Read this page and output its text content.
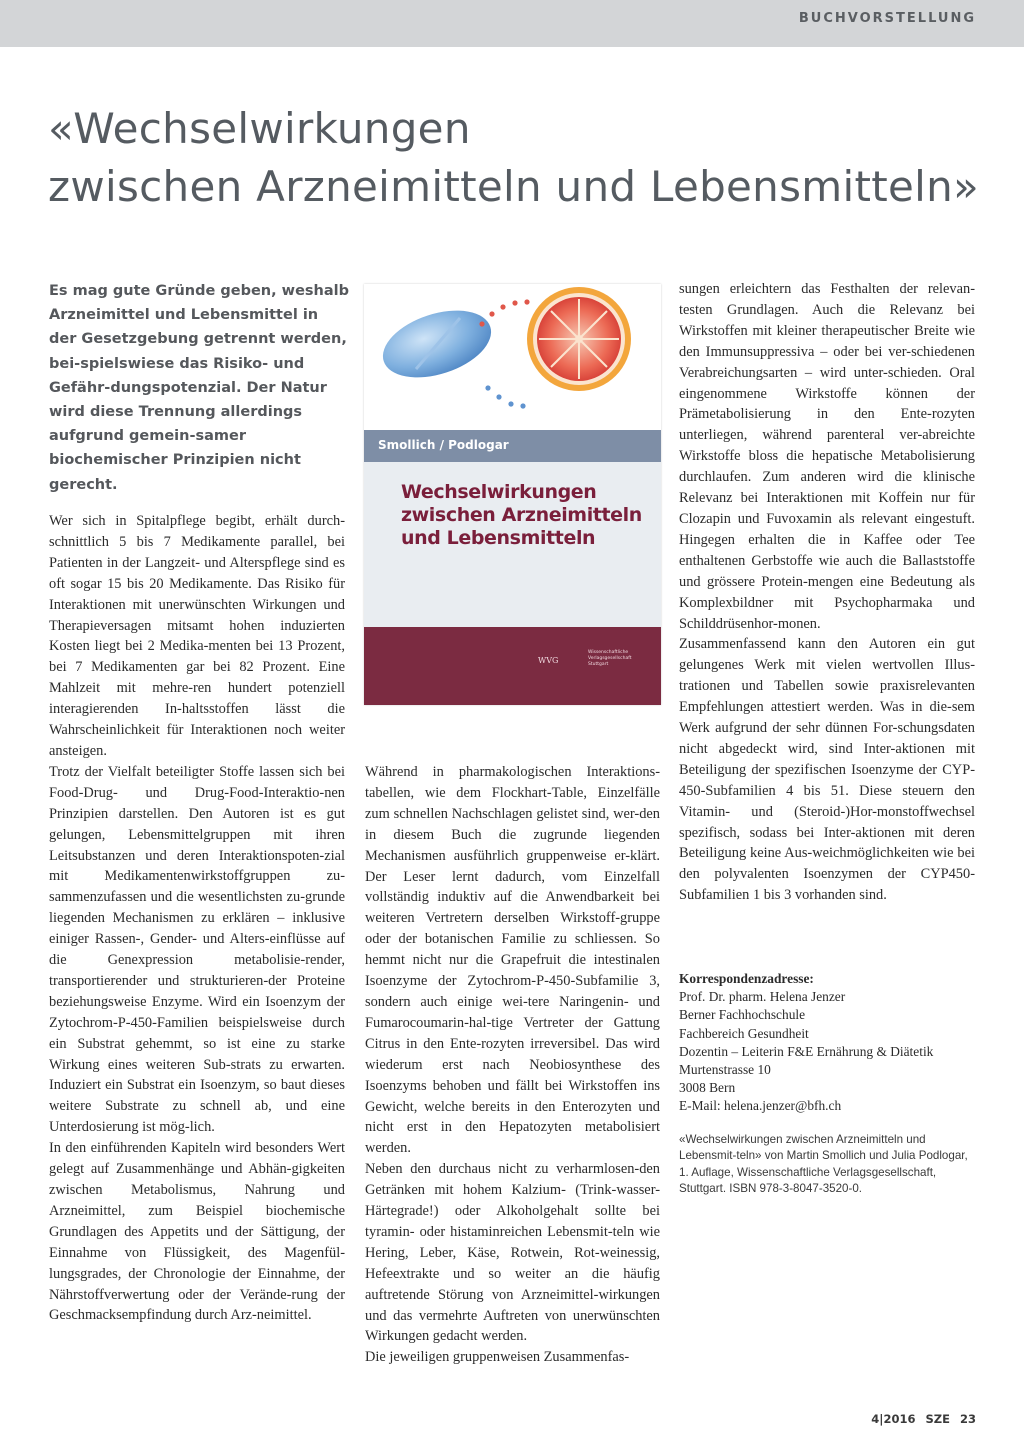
BUCHVORSTELLUNG
«Wechselwirkungen
zwischen Arzneimitteln und Lebensmitteln»

Es mag gute Gründe geben, weshalb Arzneimittel und Lebensmittel in der Gesetzgebung getrennt werden, bei-spielswiese das Risiko- und Gefähr-dungspotenzial. Der Natur wird diese Trennung allerdings aufgrund gemein-samer biochemischer Prinzipien nicht gerecht.

Wer sich in Spitalpflege begibt, erhält durch-schnittlich 5 bis 7 Medikamente parallel, bei Patienten in der Langzeit- und Alterspflege sind es oft sogar 15 bis 20 Medikamente. Das Risiko für Interaktionen mit unerwünschten Wirkungen und Therapieversagen mitsamt hohen induzierten Kosten liegt bei 2 Medika-menten bei 13 Prozent, bei 7 Medikamenten gar bei 82 Prozent. Eine Mahlzeit mit mehre-ren hundert potenziell interagierenden In-haltsstoffen lässt die Wahrscheinlichkeit für Interaktionen noch weiter ansteigen.

Trotz der Vielfalt beteiligter Stoffe lassen sich bei Food-Drug- und Drug-Food-Interaktio-nen Prinzipien darstellen. Den Autoren ist es gut gelungen, Lebensmittelgruppen mit ihren Leitsubstanzen und deren Interaktionspoten-zial mit Medikamentenwirkstoffgruppen zu-sammenzufassen und die wesentlichsten zu-grunde liegenden Mechanismen zu erklären – inklusive einiger Rassen-, Gender- und Alters-einflüsse auf die Genexpression metabolisie-render, transportierender und strukturieren-der Proteine beziehungsweise Enzyme. Wird ein Isoenzym der Zytochrom-P-450-Familien beispielsweise durch ein Substrat gehemmt, so ist eine zu starke Wirkung eines weiteren Sub-strats zu erwarten. Induziert ein Substrat ein Isoenzym, so baut dieses weitere Substrate zu schnell ab, und eine Unterdosierung ist mög-lich.

In den einführenden Kapiteln wird besonders Wert gelegt auf Zusammenhänge und Abhän-gigkeiten zwischen Metabolismus, Nahrung und Arzneimittel, zum Beispiel biochemische Grundlagen des Appetits und der Sättigung, der Einnahme von Flüssigkeit, des Magenfül-lungsgrades, der Chronologie der Einnahme, der Nährstoffverwertung oder der Verände-rung der Geschmacksempfindung durch Arz-neimittel.

Smollich / Podlogar
Wechselwirkungen
zwischen Arzneimitteln
und Lebensmitteln
WVG
Wissenschaftliche
Verlagsgesellschaft
Stuttgart

Während in pharmakologischen Interaktions-tabellen, wie dem Flockhart-Table, Einzelfälle zum schnellen Nachschlagen gelistet sind, wer-den in diesem Buch die zugrunde liegenden Mechanismen ausführlich gruppenweise er-klärt. Der Leser lernt dadurch, vom Einzelfall vollständig induktiv auf die Anwendbarkeit bei weiteren Vertretern derselben Wirkstoff-gruppe oder der botanischen Familie zu schliessen. So hemmt nicht nur die Grapefruit die intestinalen Isoenzyme der Zytochrom-P-450-Subfamilie 3, sondern auch einige wei-tere Naringenin- und Fumarocoumarin-hal-tige Vertreter der Gattung Citrus in den Ente-rozyten irreversibel. Das wird wiederum erst nach Neobiosynthese des Isoenzyms behoben und fällt bei Wirkstoffen ins Gewicht, welche bereits in den Enterozyten und nicht erst in den Hepatozyten metabolisiert werden.

Neben den durchaus nicht zu verharmlosen-den Getränken mit hohem Kalzium- (Trink-wasser-Härtegrade!) oder Alkoholgehalt sollte bei tyramin- oder histaminreichen Lebensmit-teln wie Hering, Leber, Käse, Rotwein, Rot-weinessig, Hefeextrakte und so weiter an die häufig auftretende Störung von Arzneimittel-wirkungen und das vermehrte Auftreten von unerwünschten Wirkungen gedacht werden.

Die jeweiligen gruppenweisen Zusammenfas-

sungen erleichtern das Festhalten der relevan-testen Grundlagen. Auch die Relevanz bei Wirkstoffen mit kleiner therapeutischer Breite wie den Immunsuppressiva – oder bei ver-schiedenen Verabreichungsarten – wird unter-schieden. Oral eingenommene Wirkstoffe können der Prämetabolisierung in den Ente-rozyten unterliegen, während parenteral ver-abreichte Wirkstoffe bloss die hepatische Metabolisierung durchlaufen. Zum anderen wird die klinische Relevanz bei Interaktionen mit Koffein nur für Clozapin und Fuvoxamin als relevant eingestuft. Hingegen erhalten die in Kaffee oder Tee enthaltenen Gerbstoffe wie auch die Ballaststoffe und grössere Protein-mengen eine Bedeutung als Komplexbildner mit Psychopharmaka und Schilddrüsenhor-monen.

Zusammenfassend kann den Autoren ein gut gelungenes Werk mit vielen wertvollen Illus-trationen und Tabellen sowie praxisrelevanten Empfehlungen attestiert werden. Was in die-sem Werk aufgrund der sehr dünnen For-schungsdaten nicht abgedeckt wird, sind Inter-aktionen mit Beteiligung der spezifischen Isoenzyme der CYP-450-Subfamilien 4 bis 51. Diese steuern den Vitamin- und (Steroid-)Hor-monstoffwechsel spezifisch, sodass bei Inter-aktionen mit deren Beteiligung keine Aus-weichmöglichkeiten wie bei den polyvalenten Isoenzymen der CYP450-Subfamilien 1 bis 3 vorhanden sind.

Korrespondenzadresse:
Prof. Dr. pharm. Helena Jenzer
Berner Fachhochschule
Fachbereich Gesundheit
Dozentin – Leiterin F&E Ernährung & Diätetik
Murtenstrasse 10
3008 Bern
E-Mail: helena.jenzer@bfh.ch

«Wechselwirkungen zwischen Arzneimitteln und Lebensmit-teln» von Martin Smollich und Julia Podlogar, 1. Auflage, Wissenschaftliche Verlagsgesellschaft, Stuttgart. ISBN 978-3-8047-3520-0.

4|2016 SZE 23
